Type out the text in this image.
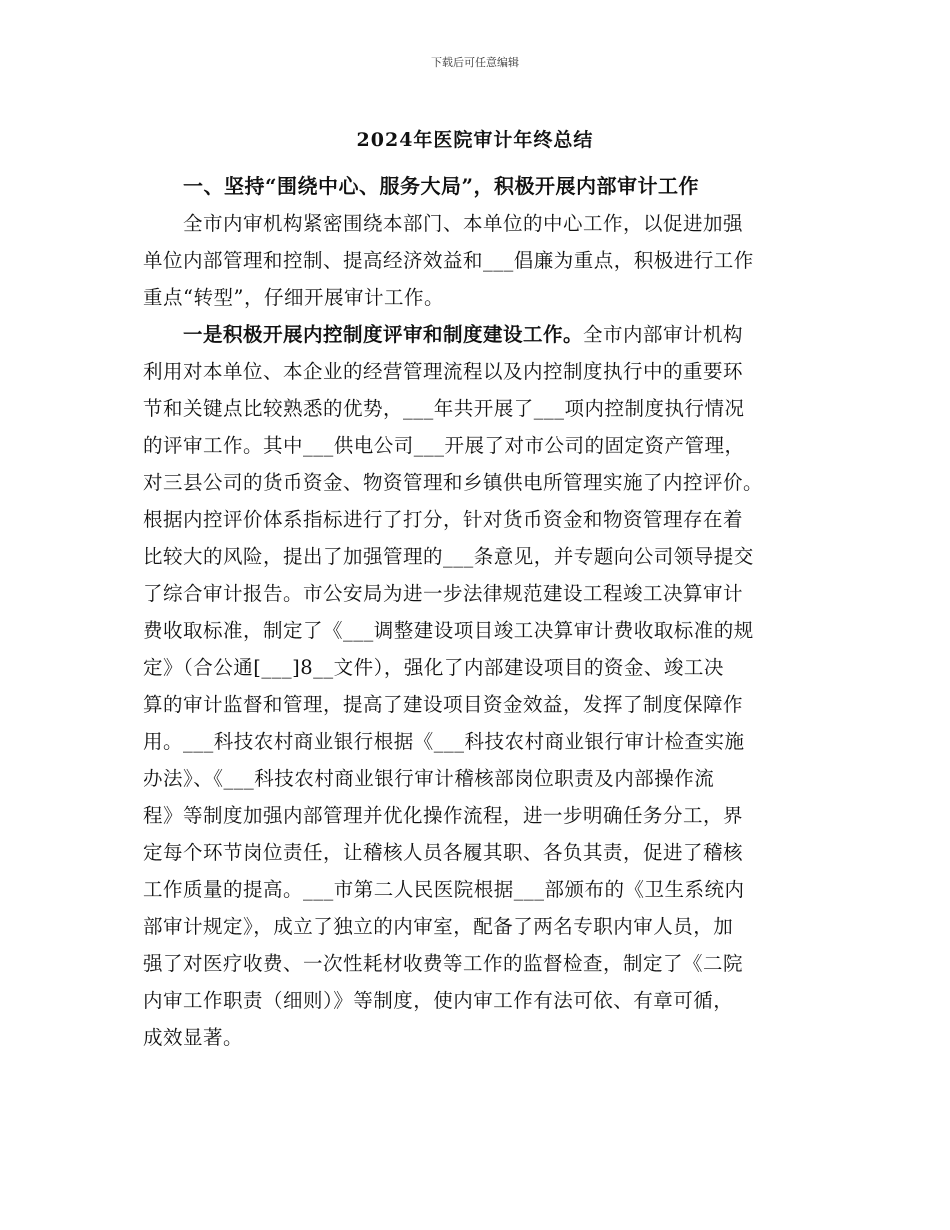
下载后可任意编辑
2024年医院审计年终总结
一、坚持“围绕中心、服务大局”，积极开展内部审计工作
全市内审机构紧密围绕本部门、本单位的中心工作，以促进加强
单位内部管理和控制、提高经济效益和___倡廉为重点，积极进行工作
重点“转型”，仔细开展审计工作。
一是积极开展内控制度评审和制度建设工作。全市内部审计机构
利用对本单位、本企业的经营管理流程以及内控制度执行中的重要环
节和关键点比较熟悉的优势，___年共开展了___项内控制度执行情况
的评审工作。其中___供电公司___开展了对市公司的固定资产管理，
对三县公司的货币资金、物资管理和乡镇供电所管理实施了内控评价。
根据内控评价体系指标进行了打分，针对货币资金和物资管理存在着
比较大的风险，提出了加强管理的___条意见，并专题向公司领导提交
了综合审计报告。市公安局为进一步法律规范建设工程竣工决算审计
费收取标准，制定了《___调整建设项目竣工决算审计费收取标准的规
定》（合公通[___]8__文件），强化了内部建设项目的资金、竣工决
算的审计监督和管理，提高了建设项目资金效益，发挥了制度保障作
用。___科技农村商业银行根据《___科技农村商业银行审计检查实施
办法》、《___科技农村商业银行审计稽核部岗位职责及内部操作流
程》等制度加强内部管理并优化操作流程，进一步明确任务分工，界
定每个环节岗位责任，让稽核人员各履其职、各负其责，促进了稽核
工作质量的提高。___市第二人民医院根据___部颁布的《卫生系统内
部审计规定》，成立了独立的内审室，配备了两名专职内审人员，加
强了对医疗收费、一次性耗材收费等工作的监督检查，制定了《二院
内审工作职责（细则）》等制度，使内审工作有法可依、有章可循，
成效显著。
